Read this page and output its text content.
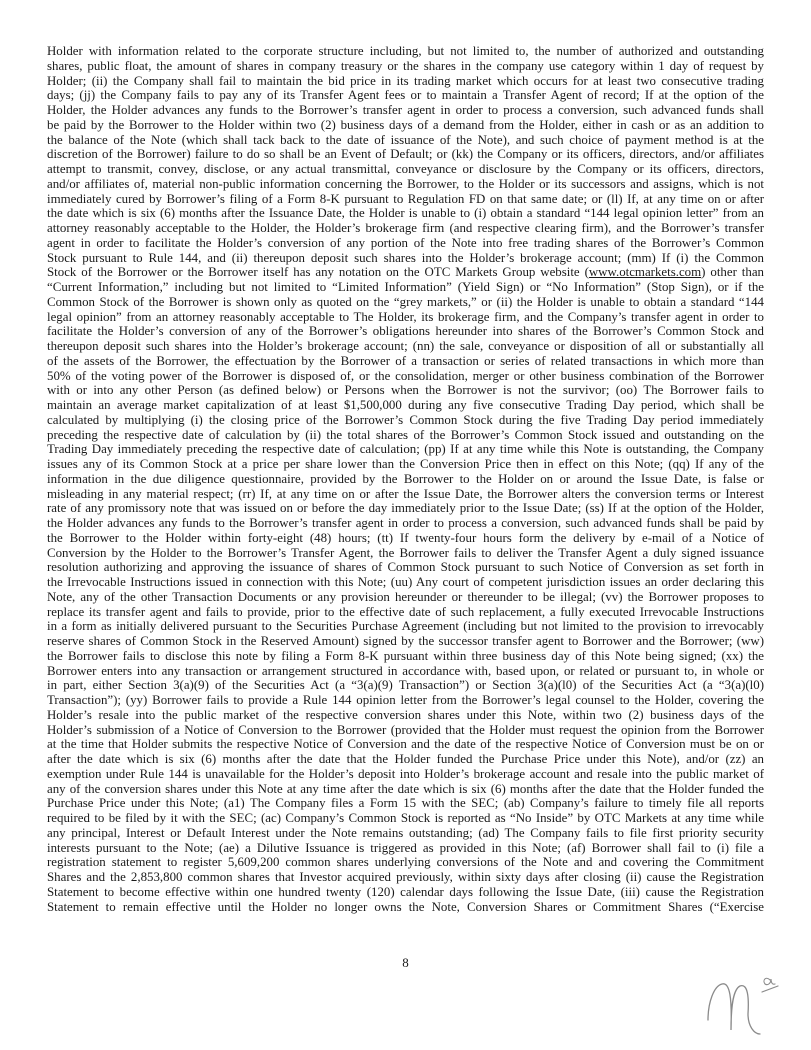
Holder with information related to the corporate structure including, but not limited to, the number of authorized and outstanding
shares, public float, the amount of shares in company treasury or the shares in the company use category within 1 day of request by
Holder; (ii) the Company shall fail to maintain the bid price in its trading market which occurs for at least two consecutive trading
days; (jj) the Company fails to pay any of its Transfer Agent fees or to maintain a Transfer Agent of record; If at the option of the
Holder, the Holder advances any funds to the Borrower’s transfer agent in order to process a conversion, such advanced funds shall
be paid by the Borrower to the Holder within two (2) business days of a demand from the Holder, either in cash or as an addition to
the balance of the Note (which shall tack back to the date of issuance of the Note), and such choice of payment method is at the
discretion of the Borrower) failure to do so shall be an Event of Default; or (kk) the Company or its officers, directors, and/or affiliates
attempt to transmit, convey, disclose, or any actual transmittal, conveyance or disclosure by the Company or its officers, directors,
and/or affiliates of, material non-public information concerning the Borrower, to the Holder or its successors and assigns, which is not
immediately cured by Borrower’s filing of a Form 8-K pursuant to Regulation FD on that same date; or (ll) If, at any time on or after
the date which is six (6) months after the Issuance Date, the Holder is unable to (i) obtain a standard “144 legal opinion letter” from an
attorney reasonably acceptable to the Holder, the Holder’s brokerage firm (and respective clearing firm), and the Borrower’s transfer
agent in order to facilitate the Holder’s conversion of any portion of the Note into free trading shares of the Borrower’s Common
Stock pursuant to Rule 144, and (ii) thereupon deposit such shares into the Holder’s brokerage account; (mm) If (i) the Common
Stock of the Borrower or the Borrower itself has any notation on the OTC Markets Group website (www.otcmarkets.com) other than
“Current Information,” including but not limited to “Limited Information” (Yield Sign) or “No Information” (Stop Sign), or if the
Common Stock of the Borrower is shown only as quoted on the “grey markets,” or (ii) the Holder is unable to obtain a standard “144
legal opinion” from an attorney reasonably acceptable to The Holder, its brokerage firm, and the Company’s transfer agent in order to
facilitate the Holder’s conversion of any of the Borrower’s obligations hereunder into shares of the Borrower’s Common Stock and
thereupon deposit such shares into the Holder’s brokerage account; (nn) the sale, conveyance or disposition of all or substantially all
of the assets of the Borrower, the effectuation by the Borrower of a transaction or series of related transactions in which more than
50% of the voting power of the Borrower is disposed of, or the consolidation, merger or other business combination of the Borrower
with or into any other Person (as defined below) or Persons when the Borrower is not the survivor; (oo) The Borrower fails to
maintain an average market capitalization of at least $1,500,000 during any five consecutive Trading Day period, which shall be
calculated by multiplying (i) the closing price of the Borrower’s Common Stock during the five Trading Day period immediately
preceding the respective date of calculation by (ii) the total shares of the Borrower’s Common Stock issued and outstanding on the
Trading Day immediately preceding the respective date of calculation; (pp) If at any time while this Note is outstanding, the Company
issues any of its Common Stock at a price per share lower than the Conversion Price then in effect on this Note; (qq) If any of the
information in the due diligence questionnaire, provided by the Borrower to the Holder on or around the Issue Date, is false or
misleading in any material respect; (rr) If, at any time on or after the Issue Date, the Borrower alters the conversion terms or Interest
rate of any promissory note that was issued on or before the day immediately prior to the Issue Date; (ss) If at the option of the Holder,
the Holder advances any funds to the Borrower’s transfer agent in order to process a conversion, such advanced funds shall be paid by
the Borrower to the Holder within forty-eight (48) hours; (tt) If twenty-four hours form the delivery by e-mail of a Notice of
Conversion by the Holder to the Borrower’s Transfer Agent, the Borrower fails to deliver the Transfer Agent a duly signed issuance
resolution authorizing and approving the issuance of shares of Common Stock pursuant to such Notice of Conversion as set forth in
the Irrevocable Instructions issued in connection with this Note; (uu) Any court of competent jurisdiction issues an order declaring this
Note, any of the other Transaction Documents or any provision hereunder or thereunder to be illegal; (vv) the Borrower proposes to
replace its transfer agent and fails to provide, prior to the effective date of such replacement, a fully executed Irrevocable Instructions
in a form as initially delivered pursuant to the Securities Purchase Agreement (including but not limited to the provision to irrevocably
reserve shares of Common Stock in the Reserved Amount) signed by the successor transfer agent to Borrower and the Borrower; (ww)
the Borrower fails to disclose this note by filing a Form 8-K pursuant within three business day of this Note being signed; (xx) the
Borrower enters into any transaction or arrangement structured in accordance with, based upon, or related or pursuant to, in whole or
in part, either Section 3(a)(9) of the Securities Act (a “3(a)(9) Transaction”) or Section 3(a)(l0) of the Securities Act (a “3(a)(l0)
Transaction”); (yy) Borrower fails to provide a Rule 144 opinion letter from the Borrower’s legal counsel to the Holder, covering the
Holder’s resale into the public market of the respective conversion shares under this Note, within two (2) business days of the
Holder’s submission of a Notice of Conversion to the Borrower (provided that the Holder must request the opinion from the Borrower
at the time that Holder submits the respective Notice of Conversion and the date of the respective Notice of Conversion must be on or
after the date which is six (6) months after the date that the Holder funded the Purchase Price under this Note), and/or (zz) an
exemption under Rule 144 is unavailable for the Holder’s deposit into Holder’s brokerage account and resale into the public market of
any of the conversion shares under this Note at any time after the date which is six (6) months after the date that the Holder funded the
Purchase Price under this Note; (a1) The Company files a Form 15 with the SEC; (ab) Company’s failure to timely file all reports
required to be filed by it with the SEC; (ac) Company’s Common Stock is reported as “No Inside” by OTC Markets at any time while
any principal, Interest or Default Interest under the Note remains outstanding; (ad) The Company fails to file first priority security
interests pursuant to the Note; (ae) a Dilutive Issuance is triggered as provided in this Note; (af) Borrower shall fail to (i) file a
registration statement to register 5,609,200 common shares underlying conversions of the Note and and covering the Commitment
Shares and the 2,853,800 common shares that Investor acquired previously, within sixty days after closing (ii) cause the Registration
Statement to become effective within one hundred twenty (120) calendar days following the Issue Date, (iii) cause the Registration
Statement to remain effective until the Holder no longer owns the Note, Conversion Shares or Commitment Shares (“Exercise
8
